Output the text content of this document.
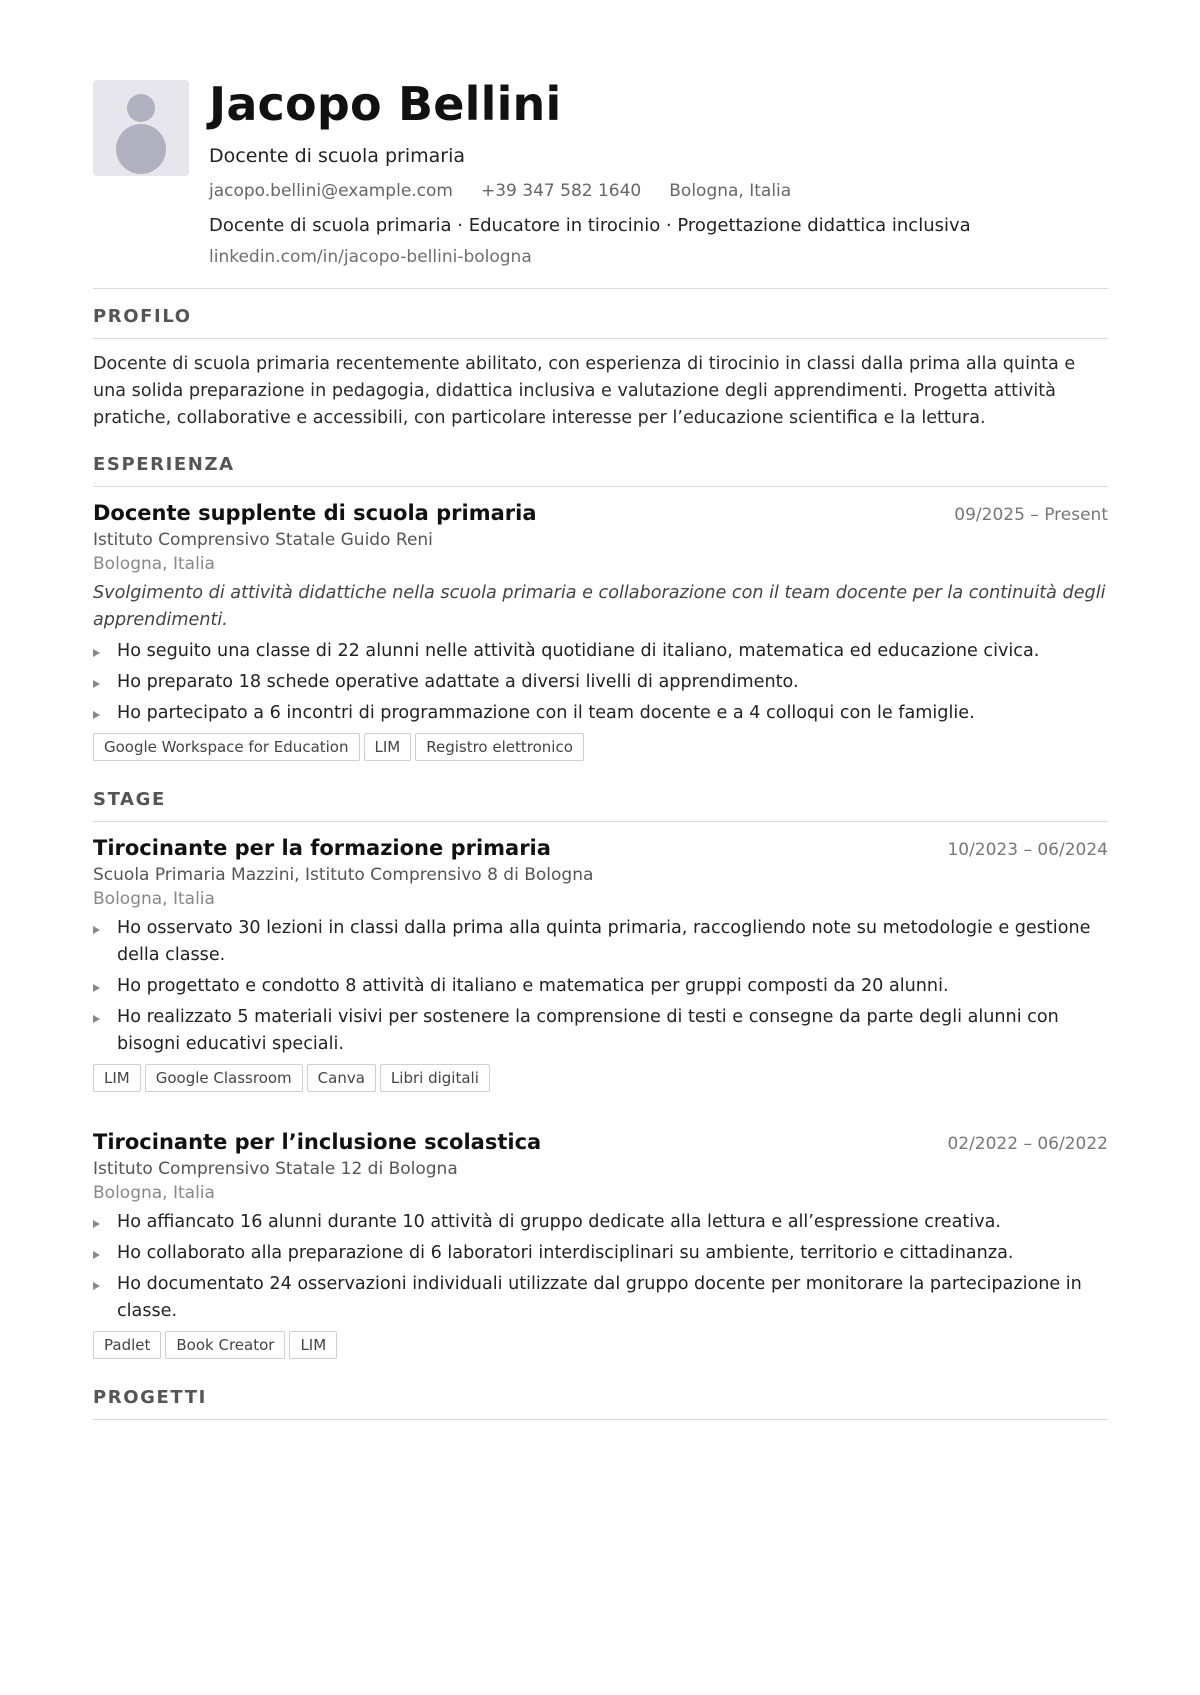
Jacopo Bellini
Docente di scuola primaria
jacopo.bellini@example.com +39 347 582 1640 Bologna, Italia
Docente di scuola primaria · Educatore in tirocinio · Progettazione didattica inclusiva
linkedin.com/in/jacopo-bellini-bologna
PROFILO
Docente di scuola primaria recentemente abilitato, con esperienza di tirocinio in classi dalla prima alla quinta e una solida preparazione in pedagogia, didattica inclusiva e valutazione degli apprendimenti. Progetta attività pratiche, collaborative e accessibili, con particolare interesse per l’educazione scientifica e la lettura.
ESPERIENZA
Docente supplente di scuola primaria	09/2025 – Present
Istituto Comprensivo Statale Guido Reni
Bologna, Italia
Svolgimento di attività didattiche nella scuola primaria e collaborazione con il team docente per la continuità degli apprendimenti.
Ho seguito una classe di 22 alunni nelle attività quotidiane di italiano, matematica ed educazione civica.
Ho preparato 18 schede operative adattate a diversi livelli di apprendimento.
Ho partecipato a 6 incontri di programmazione con il team docente e a 4 colloqui con le famiglie.
Google Workspace for Education	LIM	Registro elettronico
STAGE
Tirocinante per la formazione primaria	10/2023 – 06/2024
Scuola Primaria Mazzini, Istituto Comprensivo 8 di Bologna
Bologna, Italia
Ho osservato 30 lezioni in classi dalla prima alla quinta primaria, raccogliendo note su metodologie e gestione della classe.
Ho progettato e condotto 8 attività di italiano e matematica per gruppi composti da 20 alunni.
Ho realizzato 5 materiali visivi per sostenere la comprensione di testi e consegne da parte degli alunni con bisogni educativi speciali.
LIM	Google Classroom	Canva	Libri digitali
Tirocinante per l’inclusione scolastica	02/2022 – 06/2022
Istituto Comprensivo Statale 12 di Bologna
Bologna, Italia
Ho affiancato 16 alunni durante 10 attività di gruppo dedicate alla lettura e all’espressione creativa.
Ho collaborato alla preparazione di 6 laboratori interdisciplinari su ambiente, territorio e cittadinanza.
Ho documentato 24 osservazioni individuali utilizzate dal gruppo docente per monitorare la partecipazione in classe.
Padlet	Book Creator	LIM
PROGETTI
